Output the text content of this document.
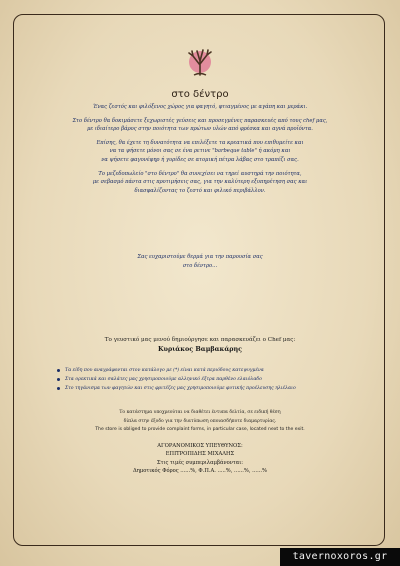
στο δέντρο

Ένας ζεστός και φιλόξενος χώρος για φαγητό, φτιαγμένος με αγάπη και μεράκι.

Στο δέντρο θα δοκιμάσετε ξεχωριστές γεύσεις και προσεγμένες παρασκευές από τους chef μας,
με ιδιαίτερο βάρος στην ποιότητα των πρώτων υλών από φρέσκα και αγνά προϊόντα.

Επίσης, θα έχετε τη δυνατότητα να επιλέξετε τα κρεατικά που επιθυμείτε και
να τα ψήσετε μόνοι σας σε ένα ρετινε "barbeque table" ή ακόμη και
να ψήσετε φαγονέφηρ ή γυρίδες σε ατομική πέτρα λάβας στο τραπέζι σας.

Το μεζεδοπωλείο "στο δέντρο" θα συνεχίσει να τηρεί αυστηρά την ποιότητα,
με σεβασμό πάντα στις προτιμήσεις σας, για την καλύτερη εξυπηρέτηση σας και
διασφαλίζοντας το ζεστό και φιλικό περιβάλλον.

Σας ευχαριστούμε θερμά για την παρουσία σας
στο δέντρο...
Το γευστικό μας μενού δημιούργησε και παρασκευάζει ο Chef μας:
Κυριάκος Βαμβακάρης
Τα είδη που αναγράφονται στον κατάλογο με (*) είναι κατά περιόδους κατεψυγμένα
Στα ορεκτικά και σαλάτες μας χρησιμοποιούμε αλληνικό έξτρα παρθένο ελαιόλαδο
Στο τηγάνισμα των φαγητών και στις φριτέζες μας χρησιμοποιούμε φυτικής προέλευσης ηλιέλαιο
Το κατάστημα υποχρεούται να διαθέτει έντυπα δελτία, σε ειδική θέση
δίπλα στην έξοδο για την διατύπωση οποιασδήποτε διαμαρτυρίας.
The store is obliged to provide complaint forms, in particular case, located next to the exit.
ΑΓΟΡΑΝΟΜΙΚΟΣ ΥΠΕΥΘΥΝΟΣ:
ΕΠΙΤΡΟΠΙΔΗΣ ΜΙΧΑΛΗΣ
Στις τιμές συμπεριλαμβάνονται:
Δημοτικός Φόρος ......%, Φ.Π.Α. .....%, ......%, ......%
tavernoxoros.gr
